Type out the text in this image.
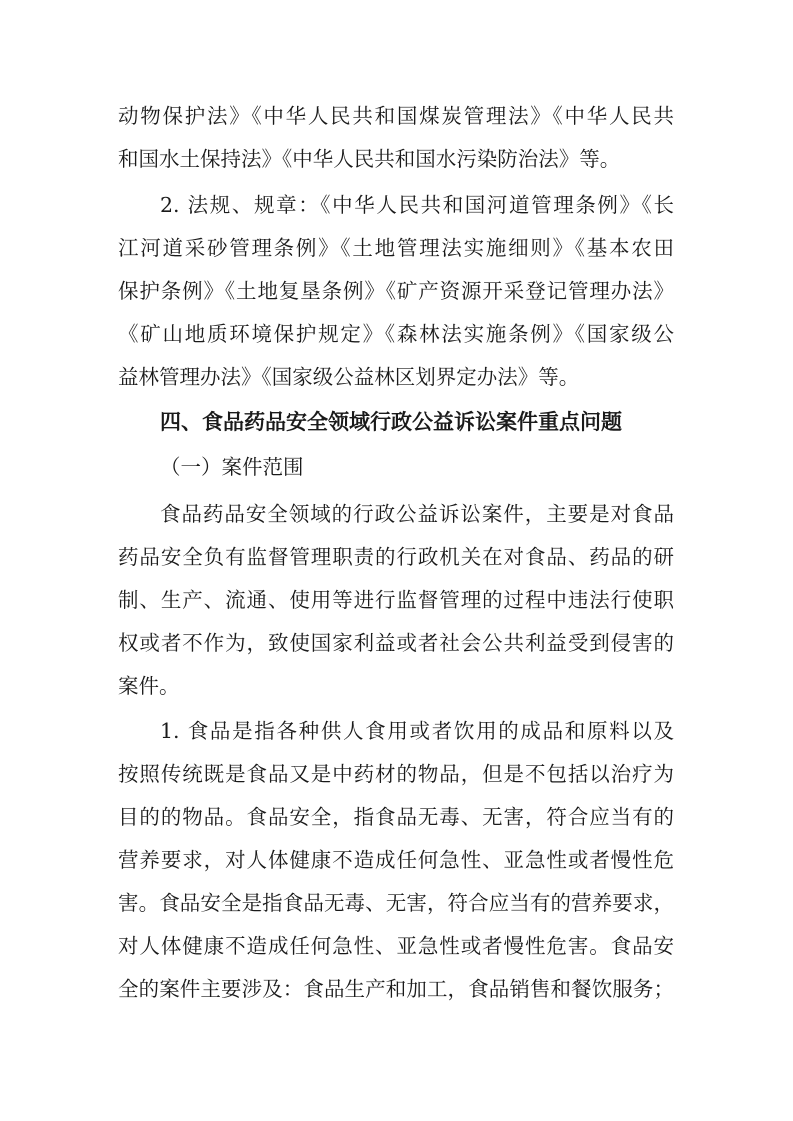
动物保护法》《中华人民共和国煤炭管理法》《中华人民共
和国水土保持法》《中华人民共和国水污染防治法》等。
2. 法规、规章：《中华人民共和国河道管理条例》《长
江河道采砂管理条例》《土地管理法实施细则》《基本农田
保护条例》《土地复垦条例》《矿产资源开采登记管理办法》
《矿山地质环境保护规定》《森林法实施条例》《国家级公
益林管理办法》《国家级公益林区划界定办法》等。
四、食品药品安全领域行政公益诉讼案件重点问题
（一）案件范围
食品药品安全领域的行政公益诉讼案件，主要是对食品
药品安全负有监督管理职责的行政机关在对食品、药品的研
制、生产、流通、使用等进行监督管理的过程中违法行使职
权或者不作为，致使国家利益或者社会公共利益受到侵害的
案件。
1. 食品是指各种供人食用或者饮用的成品和原料以及
按照传统既是食品又是中药材的物品，但是不包括以治疗为
目的的物品。食品安全，指食品无毒、无害，符合应当有的
营养要求，对人体健康不造成任何急性、亚急性或者慢性危
害。食品安全是指食品无毒、无害，符合应当有的营养要求，
对人体健康不造成任何急性、亚急性或者慢性危害。食品安
全的案件主要涉及：食品生产和加工，食品销售和餐饮服务；
